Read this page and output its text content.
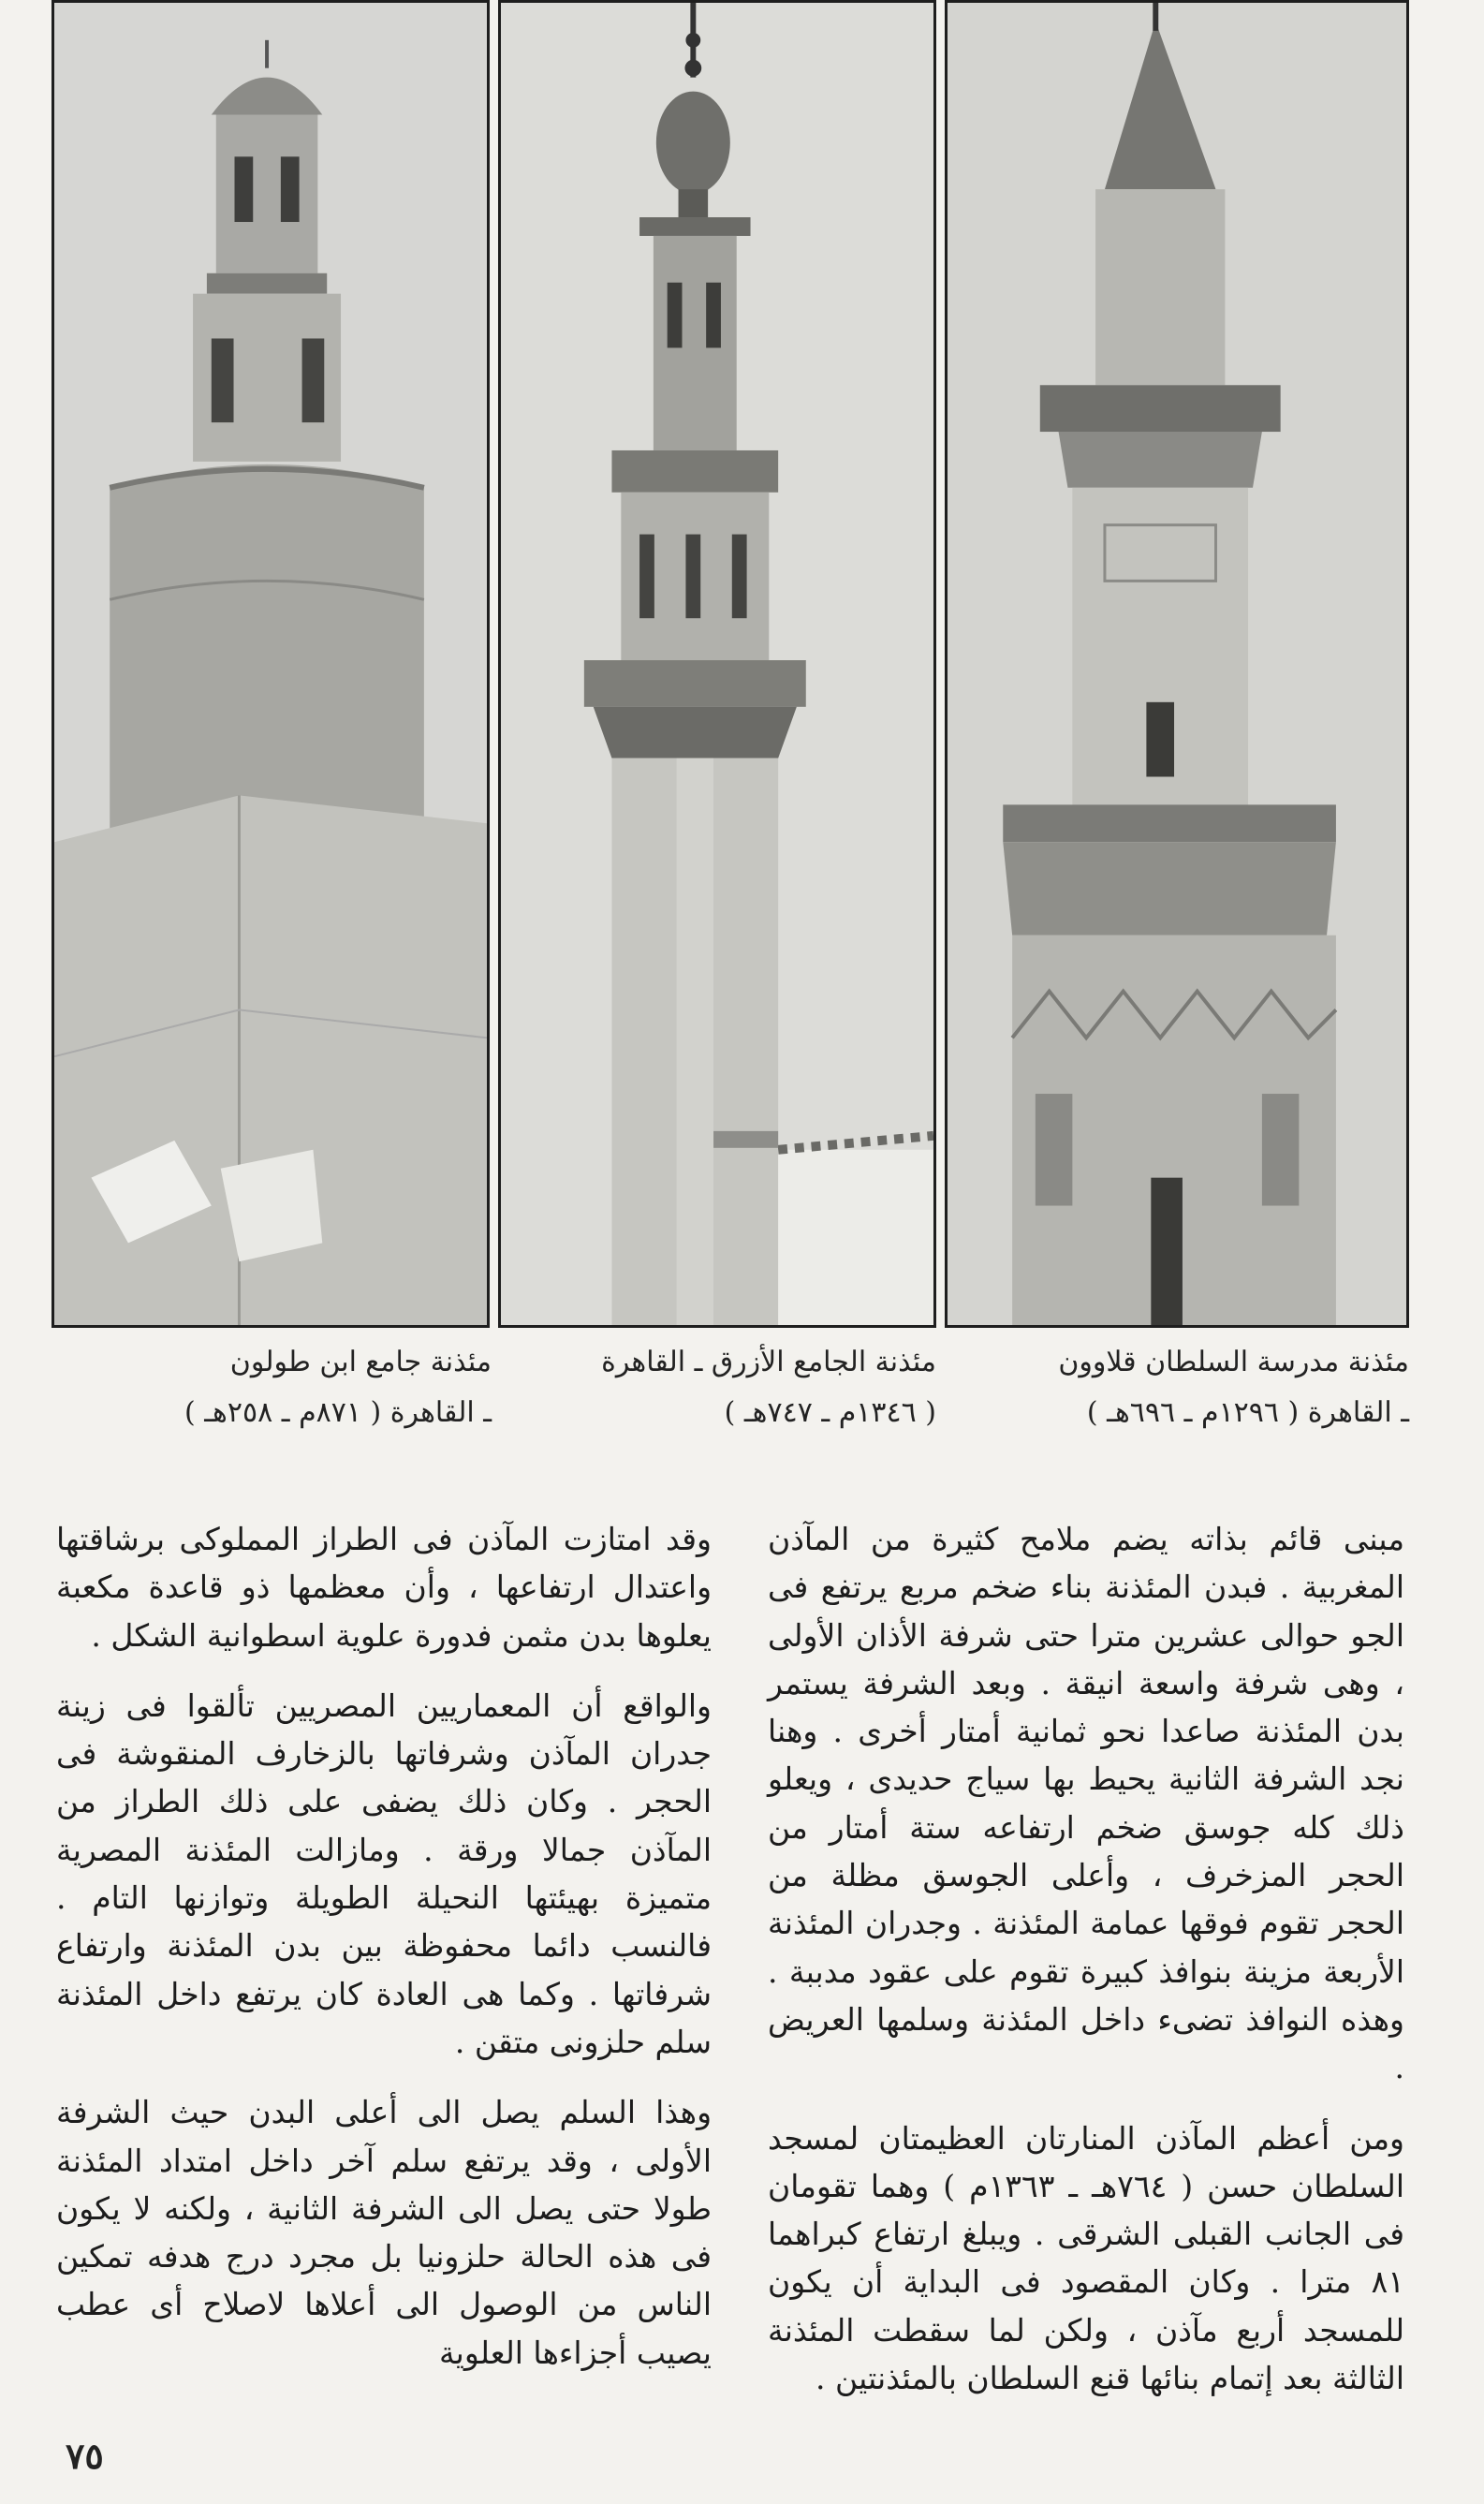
مئذنة جامع ابن طولون

ـ القاهرة ( ٨٧١م ـ ٢٥٨هـ )

مئذنة الجامع الأزرق ـ القاهرة

( ١٣٤٦م ـ ٧٤٧هـ )

مئذنة مدرسة السلطان قلاوون

ـ القاهرة ( ١٢٩٦م ـ ٦٩٦هـ )

مبنى قائم بذاته يضم ملامح كثيرة من المآذن المغربية . فبدن المئذنة بناء ضخم مربع يرتفع فى الجو حوالى عشرين مترا حتى شرفة الأذان الأولى ، وهى شرفة واسعة انيقة . وبعد الشرفة يستمر بدن المئذنة صاعدا نحو ثمانية أمتار أخرى . وهنا نجد الشرفة الثانية يحيط بها سياج حديدى ، ويعلو ذلك كله جوسق ضخم ارتفاعه ستة أمتار من الحجر المزخرف ، وأعلى الجوسق مظلة من الحجر تقوم فوقها عمامة المئذنة . وجدران المئذنة الأربعة مزينة بنوافذ كبيرة تقوم على عقود مدببة . وهذه النوافذ تضىء داخل المئذنة وسلمها العريض .

ومن أعظم المآذن المنارتان العظيمتان لمسجد السلطان حسن ( ٧٦٤هـ ـ ١٣٦٣م ) وهما تقومان فى الجانب القبلى الشرقى . ويبلغ ارتفاع كبراهما ٨١ مترا . وكان المقصود فى البداية أن يكون للمسجد أربع مآذن ، ولكن لما سقطت المئذنة الثالثة بعد إتمام بنائها قنع السلطان بالمئذنتين .

وقد امتازت المآذن فى الطراز المملوكى برشاقتها واعتدال ارتفاعها ، وأن معظمها ذو قاعدة مكعبة يعلوها بدن مثمن فدورة علوية اسطوانية الشكل .

والواقع أن المعماريين المصريين تألقوا فى زينة جدران المآذن وشرفاتها بالزخارف المنقوشة فى الحجر . وكان ذلك يضفى على ذلك الطراز من المآذن جمالا ورقة . ومازالت المئذنة المصرية متميزة بهيئتها النحيلة الطويلة وتوازنها التام . فالنسب دائما محفوظة بين بدن المئذنة وارتفاع شرفاتها . وكما هى العادة كان يرتفع داخل المئذنة سلم حلزونى متقن .

وهذا السلم يصل الى أعلى البدن حيث الشرفة الأولى ، وقد يرتفع سلم آخر داخل امتداد المئذنة طولا حتى يصل الى الشرفة الثانية ، ولكنه لا يكون فى هذه الحالة حلزونيا بل مجرد درج هدفه تمكين الناس من الوصول الى أعلاها لاصلاح أى عطب يصيب أجزاءها العلوية

٧٥
